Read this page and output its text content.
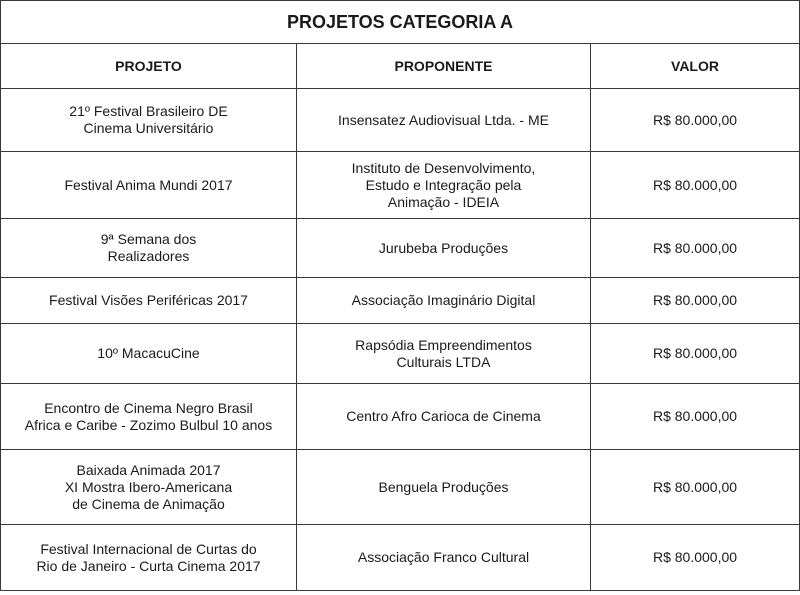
PROJETOS CATEGORIA A		
PROJETO	PROPONENTE	VALOR
21º Festival Brasileiro DE
Cinema Universitário	Insensatez Audiovisual Ltda. - ME	R$ 80.000,00
Festival Anima Mundi 2017	Instituto de Desenvolvimento,
Estudo e Integração pela
Animação - IDEIA	R$ 80.000,00
9ª Semana dos
Realizadores	Jurubeba Produções	R$ 80.000,00
Festival Visões Periféricas 2017	Associação Imaginário Digital	R$ 80.000,00
10º MacacuCine	Rapsódia Empreendimentos
Culturais LTDA	R$ 80.000,00
Encontro de Cinema Negro Brasil
Africa e Caribe - Zozimo Bulbul 10 anos	Centro Afro Carioca de Cinema	R$ 80.000,00
Baixada Animada 2017
XI Mostra Ibero-Americana
de Cinema de Animação	Benguela Produções	R$ 80.000,00
Festival Internacional de Curtas do
Rio de Janeiro - Curta Cinema 2017	Associação Franco Cultural	R$ 80.000,00
